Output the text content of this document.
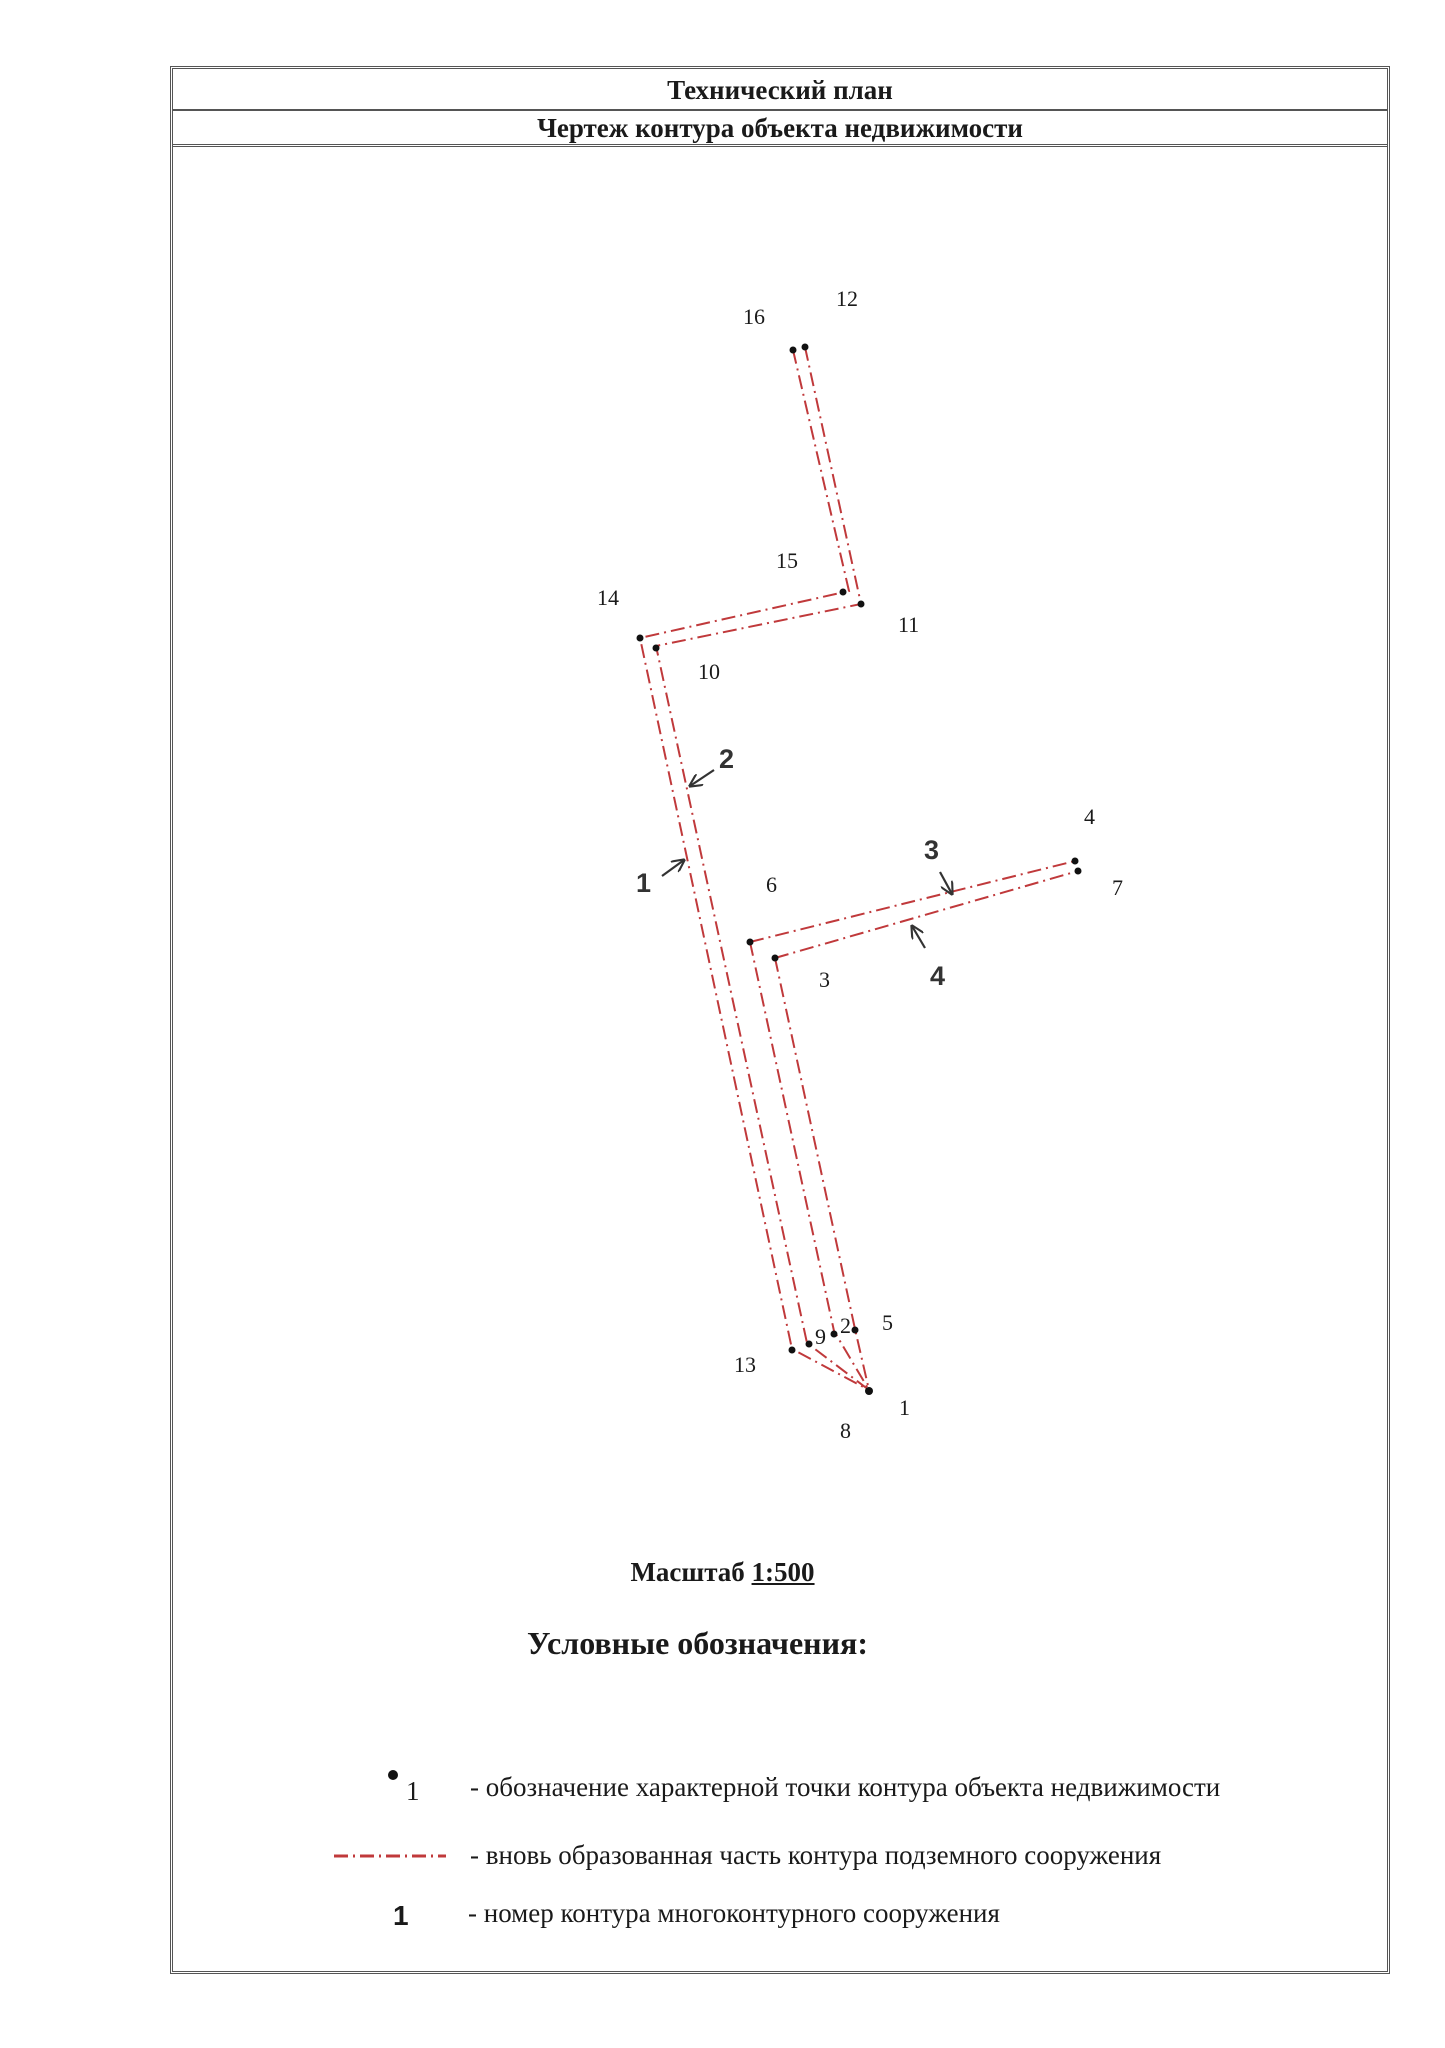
Технический план
Чертеж контура объекта недвижимости
16
12
15
14
11
10
4
7
6
3
9 2 5
13
1
8
1
2
3
4
Масштаб 1:500
Условные обозначения:
1 - обозначение характерной точки контура объекта недвижимости
- вновь образованная часть контура подземного сооружения
1 - номер контура многоконтурного сооружения
